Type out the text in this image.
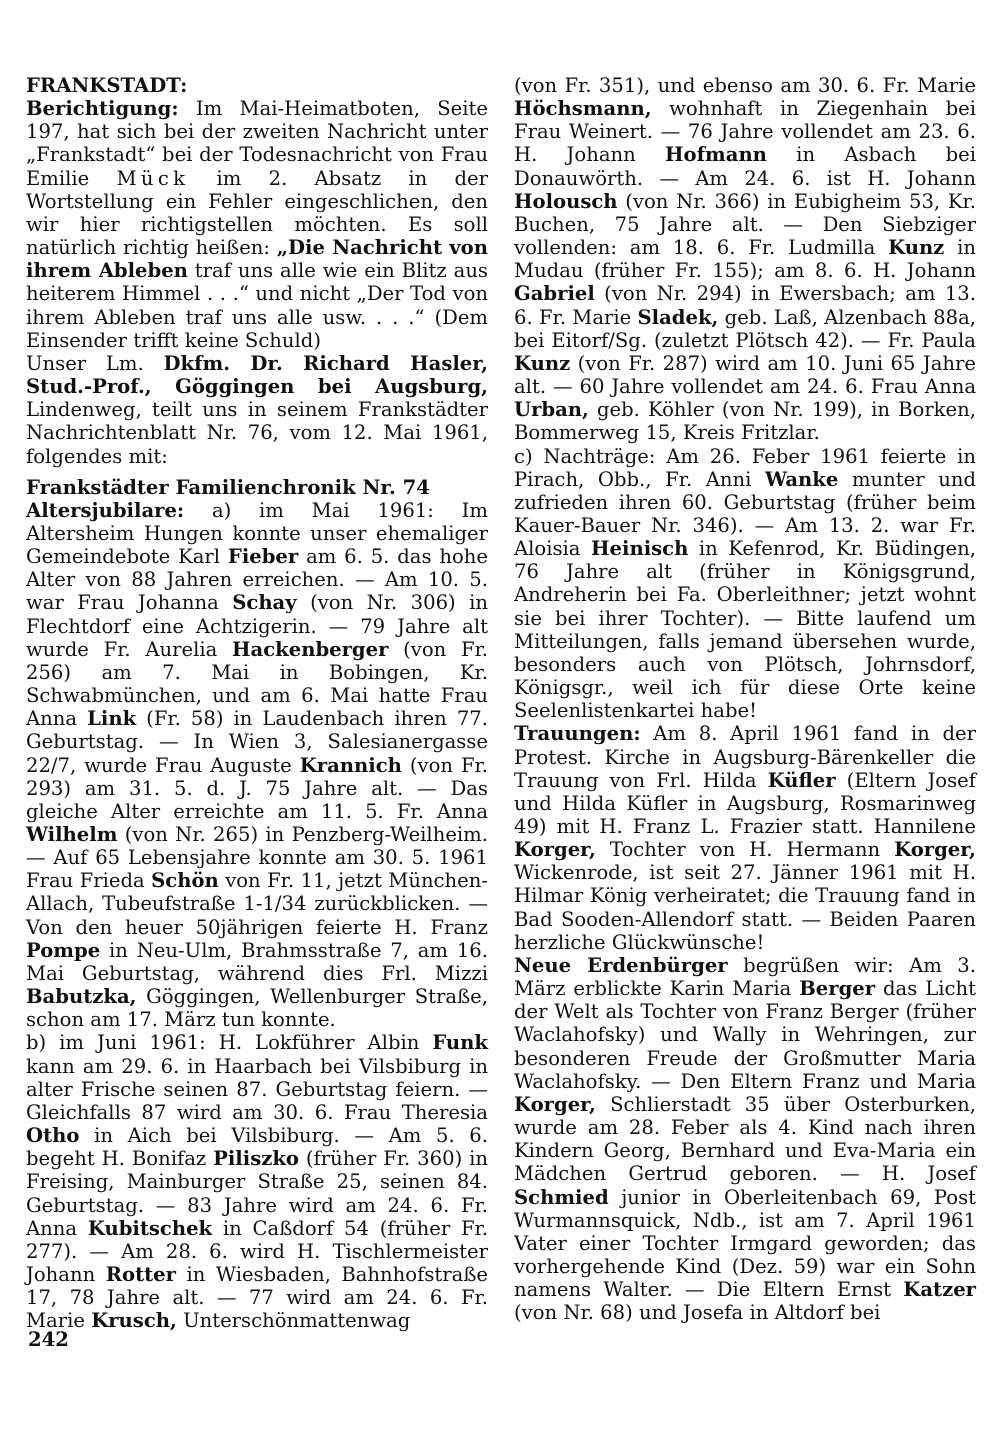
FRANKSTADT:

Berichtigung: Im Mai-Heimatboten, Seite 197, hat sich bei der zweiten Nachricht unter „Frankstadt“ bei der Todesnachricht von Frau Emilie Mück im 2. Absatz in der Wortstellung ein Fehler eingeschlichen, den wir hier richtigstellen möchten. Es soll natürlich richtig heißen: „Die Nachricht von ihrem Ableben traf uns alle wie ein Blitz aus heiterem Himmel . . .“ und nicht „Der Tod von ihrem Ableben traf uns alle usw. . . .“ (Dem Einsender trifft keine Schuld)

Unser Lm. Dkfm. Dr. Richard Hasler, Stud.-Prof., Göggingen bei Augsburg, Lindenweg, teilt uns in seinem Frankstädter Nachrichtenblatt Nr. 76, vom 12. Mai 1961, folgendes mit:

Frankstädter Familienchronik Nr. 74

Altersjubilare: a) im Mai 1961: Im Altersheim Hungen konnte unser ehemaliger Gemeindebote Karl Fieber am 6. 5. das hohe Alter von 88 Jahren erreichen. — Am 10. 5. war Frau Johanna Schay (von Nr. 306) in Flechtdorf eine Achtzigerin. — 79 Jahre alt wurde Fr. Aurelia Hackenberger (von Fr. 256) am 7. Mai in Bobingen, Kr. Schwabmünchen, und am 6. Mai hatte Frau Anna Link (Fr. 58) in Laudenbach ihren 77. Geburtstag. — In Wien 3, Salesianergasse 22/7, wurde Frau Auguste Krannich (von Fr. 293) am 31. 5. d. J. 75 Jahre alt. — Das gleiche Alter erreichte am 11. 5. Fr. Anna Wilhelm (von Nr. 265) in Penzberg-Weilheim. — Auf 65 Lebensjahre konnte am 30. 5. 1961 Frau Frieda Schön von Fr. 11, jetzt München-Allach, Tubeufstraße 1-1/34 zurückblicken. — Von den heuer 50jährigen feierte H. Franz Pompe in Neu-Ulm, Brahmsstraße 7, am 16. Mai Geburtstag, während dies Frl. Mizzi Babutzka, Göggingen, Wellenburger Straße, schon am 17. März tun konnte.

b) im Juni 1961: H. Lokführer Albin Funk kann am 29. 6. in Haarbach bei Vilsbiburg in alter Frische seinen 87. Geburtstag feiern. — Gleichfalls 87 wird am 30. 6. Frau Theresia Otho in Aich bei Vilsbiburg. — Am 5. 6. begeht H. Bonifaz Piliszko (früher Fr. 360) in Freising, Mainburger Straße 25, seinen 84. Geburtstag. — 83 Jahre wird am 24. 6. Fr. Anna Kubitschek in Caßdorf 54 (früher Fr. 277). — Am 28. 6. wird H. Tischlermeister Johann Rotter in Wiesbaden, Bahnhofstraße 17, 78 Jahre alt. — 77 wird am 24. 6. Fr. Marie Krusch, Unterschönmattenwag

(von Fr. 351), und ebenso am 30. 6. Fr. Marie Höchsmann, wohnhaft in Ziegenhain bei Frau Weinert. — 76 Jahre vollendet am 23. 6. H. Johann Hofmann in Asbach bei Donauwörth. — Am 24. 6. ist H. Johann Holousch (von Nr. 366) in Eubigheim 53, Kr. Buchen, 75 Jahre alt. — Den Siebziger vollenden: am 18. 6. Fr. Ludmilla Kunz in Mudau (früher Fr. 155); am 8. 6. H. Johann Gabriel (von Nr. 294) in Ewersbach; am 13. 6. Fr. Marie Sladek, geb. Laß, Alzenbach 88a, bei Eitorf/Sg. (zuletzt Plötsch 42). — Fr. Paula Kunz (von Fr. 287) wird am 10. Juni 65 Jahre alt. — 60 Jahre vollendet am 24. 6. Frau Anna Urban, geb. Köhler (von Nr. 199), in Borken, Bommerweg 15, Kreis Fritzlar.

c) Nachträge: Am 26. Feber 1961 feierte in Pirach, Obb., Fr. Anni Wanke munter und zufrieden ihren 60. Geburtstag (früher beim Kauer-Bauer Nr. 346). — Am 13. 2. war Fr. Aloisia Heinisch in Kefenrod, Kr. Büdingen, 76 Jahre alt (früher in Königsgrund, Andreherin bei Fa. Oberleithner; jetzt wohnt sie bei ihrer Tochter). — Bitte laufend um Mitteilungen, falls jemand übersehen wurde, besonders auch von Plötsch, Johrnsdorf, Königsgr., weil ich für diese Orte keine Seelenlistenkartei habe!

Trauungen: Am 8. April 1961 fand in der Protest. Kirche in Augsburg-Bärenkeller die Trauung von Frl. Hilda Küfler (Eltern Josef und Hilda Küfler in Augsburg, Rosmarinweg 49) mit H. Franz L. Frazier statt. Hannilene Korger, Tochter von H. Hermann Korger, Wickenrode, ist seit 27. Jänner 1961 mit H. Hilmar König verheiratet; die Trauung fand in Bad Sooden-Allendorf statt. — Beiden Paaren herzliche Glückwünsche!

Neue Erdenbürger begrüßen wir: Am 3. März erblickte Karin Maria Berger das Licht der Welt als Tochter von Franz Berger (früher Waclahofsky) und Wally in Wehringen, zur besonderen Freude der Großmutter Maria Waclahofsky. — Den Eltern Franz und Maria Korger, Schlierstadt 35 über Osterburken, wurde am 28. Feber als 4. Kind nach ihren Kindern Georg, Bernhard und Eva-Maria ein Mädchen Gertrud geboren. — H. Josef Schmied junior in Oberleitenbach 69, Post Wurmannsquick, Ndb., ist am 7. April 1961 Vater einer Tochter Irmgard geworden; das vorhergehende Kind (Dez. 59) war ein Sohn namens Walter. — Die Eltern Ernst Katzer (von Nr. 68) und Josefa in Altdorf bei

242
